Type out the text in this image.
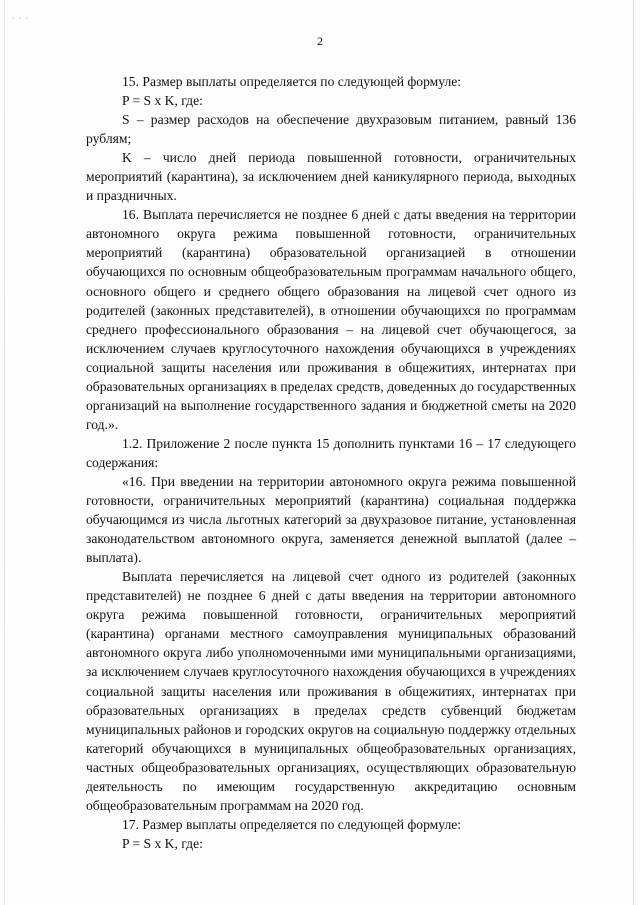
· · ·
2

15. Размер выплаты определяется по следующей формуле:

P = S x K, где:

S – размер расходов на обеспечение двухразовым питанием, равный 136 рублям;

K – число дней периода повышенной готовности, ограничительных мероприятий (карантина), за исключением дней каникулярного периода, выходных и праздничных.

16. Выплата перечисляется не позднее 6 дней с даты введения на территории автономного округа режима повышенной готовности, ограничительных мероприятий (карантина) образовательной организацией в отношении обучающихся по основным общеобразовательным программам начального общего, основного общего и среднего общего образования на лицевой счет одного из родителей (законных представителей), в отношении обучающихся по программам среднего профессионального образования – на лицевой счет обучающегося, за исключением случаев круглосуточного нахождения обучающихся в учреждениях социальной защиты населения или проживания в общежитиях, интернатах при образовательных организациях в пределах средств, доведенных до государственных организаций на выполнение государственного задания и бюджетной сметы на 2020 год.».

1.2. Приложение 2 после пункта 15 дополнить пунктами 16 – 17 следующего содержания:

«16. При введении на территории автономного округа режима повышенной готовности, ограничительных мероприятий (карантина) социальная поддержка обучающимся из числа льготных категорий за двухразовое питание, установленная законодательством автономного округа, заменяется денежной выплатой (далее – выплата).

Выплата перечисляется на лицевой счет одного из родителей (законных представителей) не позднее 6 дней с даты введения на территории автономного округа режима повышенной готовности, ограничительных мероприятий (карантина) органами местного самоуправления муниципальных образований автономного округа либо уполномоченными ими муниципальными организациями, за исключением случаев круглосуточного нахождения обучающихся в учреждениях социальной защиты населения или проживания в общежитиях, интернатах при образовательных организациях в пределах средств субвенций бюджетам муниципальных районов и городских округов на социальную поддержку отдельных категорий обучающихся в муниципальных общеобразовательных организациях, частных общеобразовательных организациях, осуществляющих образовательную деятельность по имеющим государственную аккредитацию основным общеобразовательным программам на 2020 год.

17. Размер выплаты определяется по следующей формуле:

P = S x K, где:
